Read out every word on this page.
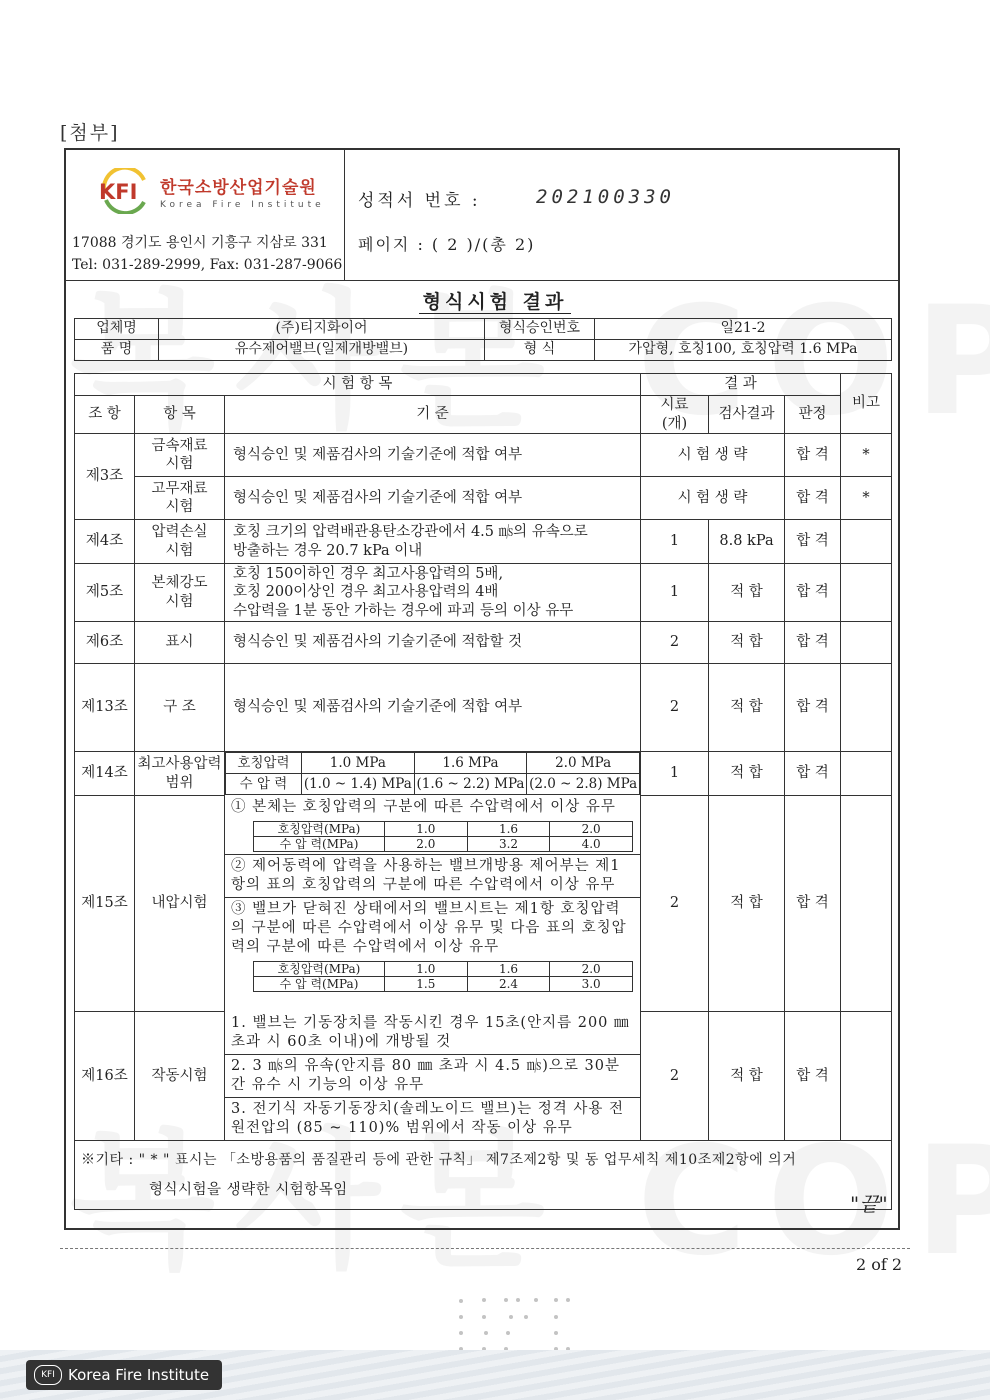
[첨부]
KFI 한국소방산업기술원
Korea Fire Institute
17088 경기도 용인시 기흥구 지삼로 331
Tel: 031-289-2999, Fax: 031-287-9066
성적서 번호 :	202100330
페이지 : ( 2 )/(총 2)
형식시험 결과
업체명	(주)티지화이어	형식승인번호	일21-2
품 명	유수제어밸브(일제개방밸브)	형 식	가압형, 호칭100, 호칭압력 1.6 MPa
시 험 항 목	결 과	비고
조 항	항 목	기 준	시료
(개)	검사결과	판정
제3조	금속재료
시험	형식승인 및 제품검사의 기술기준에 적합 여부	시 험 생 략	합 격	*
고무재료
시험	형식승인 및 제품검사의 기술기준에 적합 여부	시 험 생 략	합 격	*
제4조	압력손실
시험	
호칭 크기의 압력배관용탄소강관에서 4.5 ㎧의 유속으로
방출하는 경우 20.7 kPa 이내
	1	8.8 kPa	합 격	
제5조	본체강도
시험	
호칭 150이하인 경우 최고사용압력의 5배,
호칭 200이상인 경우 최고사용압력의 4배
수압력을 1분 동안 가하는 경우에 파괴 등의 이상 유무
	1	적 합	합 격	
제6조	표시	형식승인 및 제품검사의 기술기준에 적합할 것	2	적 합	합 격	
제13조	구 조	형식승인 및 제품검사의 기술기준에 적합 여부	2	적 합	합 격	
제14조	최고사용압력
범위	
호칭압력	1.0 MPa	1.6 MPa	2.0 MPa
수 압 력	(1.0 ~ 1.4) MPa	(1.6 ~ 2.2) MPa	(2.0 ~ 2.8) MPa
	1	적 합	합 격	
제15조	내압시험	
① 본체는 호칭압력의 구분에 따른 수압력에서 이상 유무
호칭압력(MPa)	1.0	1.6	2.0
수 압 력(MPa)	2.0	3.2	4.0
② 제어동력에 압력을 사용하는 밸브개방용 제어부는 제1항의 표의 호칭압력의 구분에 따른 수압력에서 이상 유무
③ 밸브가 닫혀진 상태에서의 밸브시트는 제1항 호칭압력의 구분에 따른 수압력에서 이상 유무 및 다음 표의 호칭압력의 구분에 따른 수압력에서 이상 유무
호칭압력(MPa)	1.0	1.6	2.0
수 압 력(MPa)	1.5	2.4	3.0
	2	적 합	합 격	
제16조	작동시험	
1. 밸브는 기동장치를 작동시킨 경우 15초(안지름 200 ㎜ 초과 시 60초 이내)에 개방될 것
2. 3 ㎧의 유속(안지름 80 ㎜ 초과 시 4.5 ㎧)으로 30분간 유수 시 기능의 이상 유무
3. 전기식 자동기동장치(솔레노이드 밸브)는 정격 사용 전원전압의 (85 ~ 110)% 범위에서 작동 이상 유무
	2	적 합	합 격	

※기타 : " * " 표시는 「소방용품의 품질관리 등에 관한 규칙」 제7조제2항 및 동 업무세칙 제10조제2항에 의거
형식시험을 생략한 시험항목임
"끝"
2 of 2
KFI Korea Fire Institute
